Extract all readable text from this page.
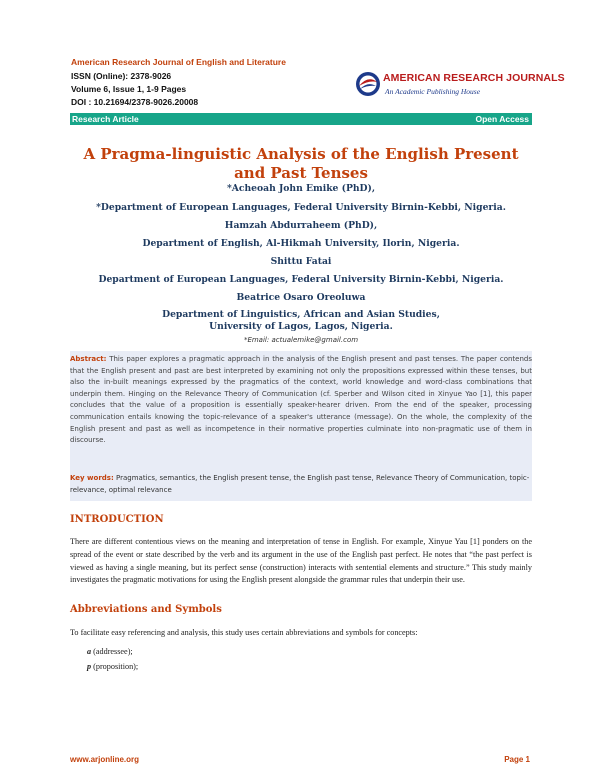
American Research Journal of English and Literature
ISSN (Online): 2378-9026
Volume 6, Issue 1, 1-9 Pages
DOI : 10.21694/2378-9026.20008
AMERICAN RESEARCH JOURNALS
An Academic Publishing House
Research Article	Open Access
A Pragma-linguistic Analysis of the English Present and Past Tenses
*Acheoah John Emike (PhD),
*Department of European Languages, Federal University Birnin-Kebbi, Nigeria.
Hamzah Abdurraheem (PhD),
Department of English, Al-Hikmah University, Ilorin, Nigeria.
Shittu Fatai
Department of European Languages, Federal University Birnin-Kebbi, Nigeria.
Beatrice Osaro Oreoluwa
Department of Linguistics, African and Asian Studies,
University of Lagos, Lagos, Nigeria.
*Email: actualemike@gmail.com
Abstract: This paper explores a pragmatic approach in the analysis of the English present and past tenses. The paper contends that the English present and past are best interpreted by examining not only the propositions expressed within these tenses, but also the in-built meanings expressed by the pragmatics of the context, world knowledge and word-class combinations that underpin them. Hinging on the Relevance Theory of Communication (cf. Sperber and Wilson cited in Xinyue Yao [1], this paper concludes that the value of a proposition is essentially speaker-hearer driven. From the end of the speaker, processing communication entails knowing the topic-relevance of a speaker's utterance (message). On the whole, the complexity of the English present and past as well as incompetence in their normative properties culminate into non-pragmatic use of them in discourse.
Key words: Pragmatics, semantics, the English present tense, the English past tense, Relevance Theory of Communication, topic-relevance, optimal relevance
INTRODUCTION
There are different contentious views on the meaning and interpretation of tense in English. For example, Xinyue Yau [1] ponders on the spread of the event or state described by the verb and its argument in the use of the English past perfect. He notes that “the past perfect is viewed as having a single meaning, but its perfect sense (construction) interacts with sentential elements and structure.” This study mainly investigates the pragmatic motivations for using the English present alongside the grammar rules that underpin their use.
Abbreviations and Symbols
To facilitate easy referencing and analysis, this study uses certain abbreviations and symbols for concepts:
a (addressee);
p (proposition);
www.arjonline.org	Page 1
